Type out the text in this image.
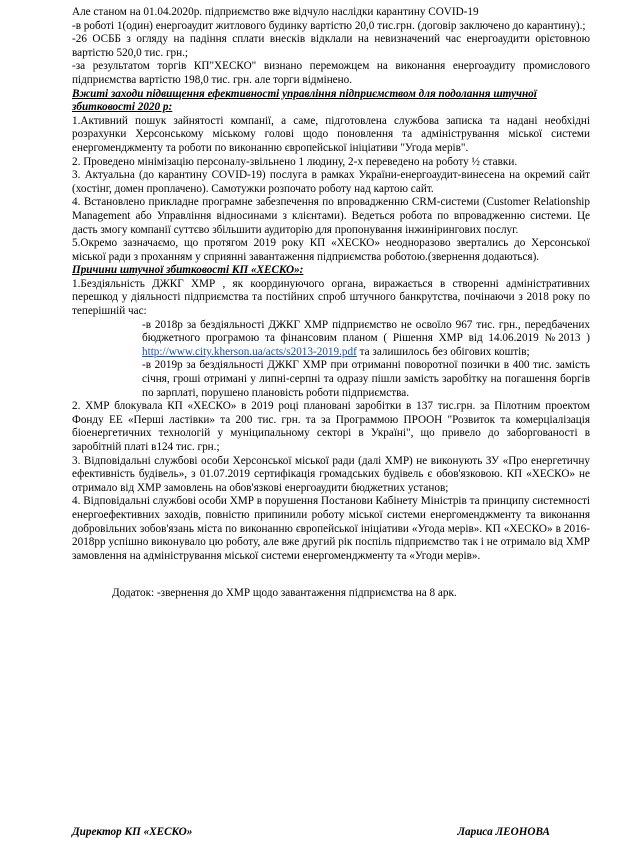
Але станом на 01.04.2020р. підприємство вже відчуло наслідки карантину COVID-19

-в роботі 1(один) енергоаудит житлового будинку вартістю 20,0 тис.грн. (договір заключено до карантину).;

-26 ОСББ з огляду на падіння сплати внесків відклали на невизначений час енергоаудити орієтовною вартістю 520,0 тис. грн.;

-за результатом торгів КП"ХЕСКО" визнано переможцем на виконання енергоаудиту промислового підприємства вартістю 198,0 тис. грн. але торги відмінено.

Вжиті заходи підвищення ефективності управління підприємством для подолання штучної збитковості 2020 р:

1.Активний пошук зайнятості компанії, а саме, підготовлена службова записка та надані необхідні розрахунки Херсонському міському голові щодо поновлення та адміністрування міської системи енергоменджменту та роботи по виконанню європейської ініціативи "Угода мерів".

2. Проведено мінімізацію персоналу-звільнено 1 людину, 2-х переведено на роботу ½ ставки.

3. Актуальна (до карантину COVID-19) послуга в рамках України-енергоаудит-винесена на окремий сайт (хостінг, домен проплачено). Самотужки розпочато роботу над картою сайт.

4. Встановлено прикладне програмне забезпечення по впровадженню CRM-системи (Customer Relationship Management або Управління відносинами з клієнтами). Ведеться робота по впровадженню системи. Це дасть змогу компанії суттєво збільшити аудиторію для пропонування інжинірингових послуг.

5.Окремо зазначаємо, що протягом 2019 року КП «ХЕСКО» неодноразово звертались до Херсонської міської ради з проханням у сприянні завантаження підприємства роботою.(звернення додаються).

Причини штучної збитковості КП «ХЕСКО»:

1.Бездіяльність ДЖКГ ХМР , як координуючого органа, виражається в створенні адміністративних перешкод у діяльності підприємства та постійних спроб штучного банкрутства, почінаючи з 2018 року по теперішній час:

-в 2018р за бездіяльності ДЖКГ ХМР підприємство не освоїло 967 тис. грн., передбачених бюджетного програмою та фінансовим планом ( Рішення ХМР від 14.06.2019 №2013 ) http://www.city.kherson.ua/acts/s2013-2019.pdf та залишилось без обігових коштів;

-в 2019р за бездіяльності ДЖКГ ХМР при отриманні поворотної позички в 400 тис. замість січня, гроші отримані у липні-серпні та одразу пішли замість заробітку на погашення боргів по зарплаті, порушено плановість роботи підприємства.

2. ХМР блокувала КП «ХЕСКО» в 2019 році плановані заробітки в 137 тис.грн. за Пілотним проектом Фонду ЕЕ «Перші ластівки» та 200 тис. грн. та за Программою ПРООН "Розвиток та комерціалізація біоенергетичних технологій у муніципальному секторі в Україні", що привело до заборгованості в заробітній платі в124 тис. грн.;

3. Відповідальні службові особи Херсонської міської ради (далі ХМР) не виконують ЗУ «Про енергетичну ефективність будівель», з 01.07.2019 сертифікація громадських будівель є обов'язковою. КП «ХЕСКО» не отримало від ХМР замовлень на обов'язкові енергоаудити бюджетних установ;

4. Відповідальні службові особи ХМР в порушення Постанови Кабінету Міністрів та принципу системності енергоефективних заходів, повністю припинили роботу міської системи енергоменджменту та виконання добровільних зобов'язань міста по виконанню європейської ініціативи «Угода мерів». КП «ХЕСКО» в 2016-2018рр успішно виконувало цю роботу, але вже другий рік поспіль підприємство так і не отримало від ХМР замовлення на адміністрування міської системи енергоменджменту та «Угоди мерів».

Додаток: -звернення до ХМР щодо завантаження підприємства на 8 арк.

Директор КП «ХЕСКО»	Лариса ЛЕОНОВА
